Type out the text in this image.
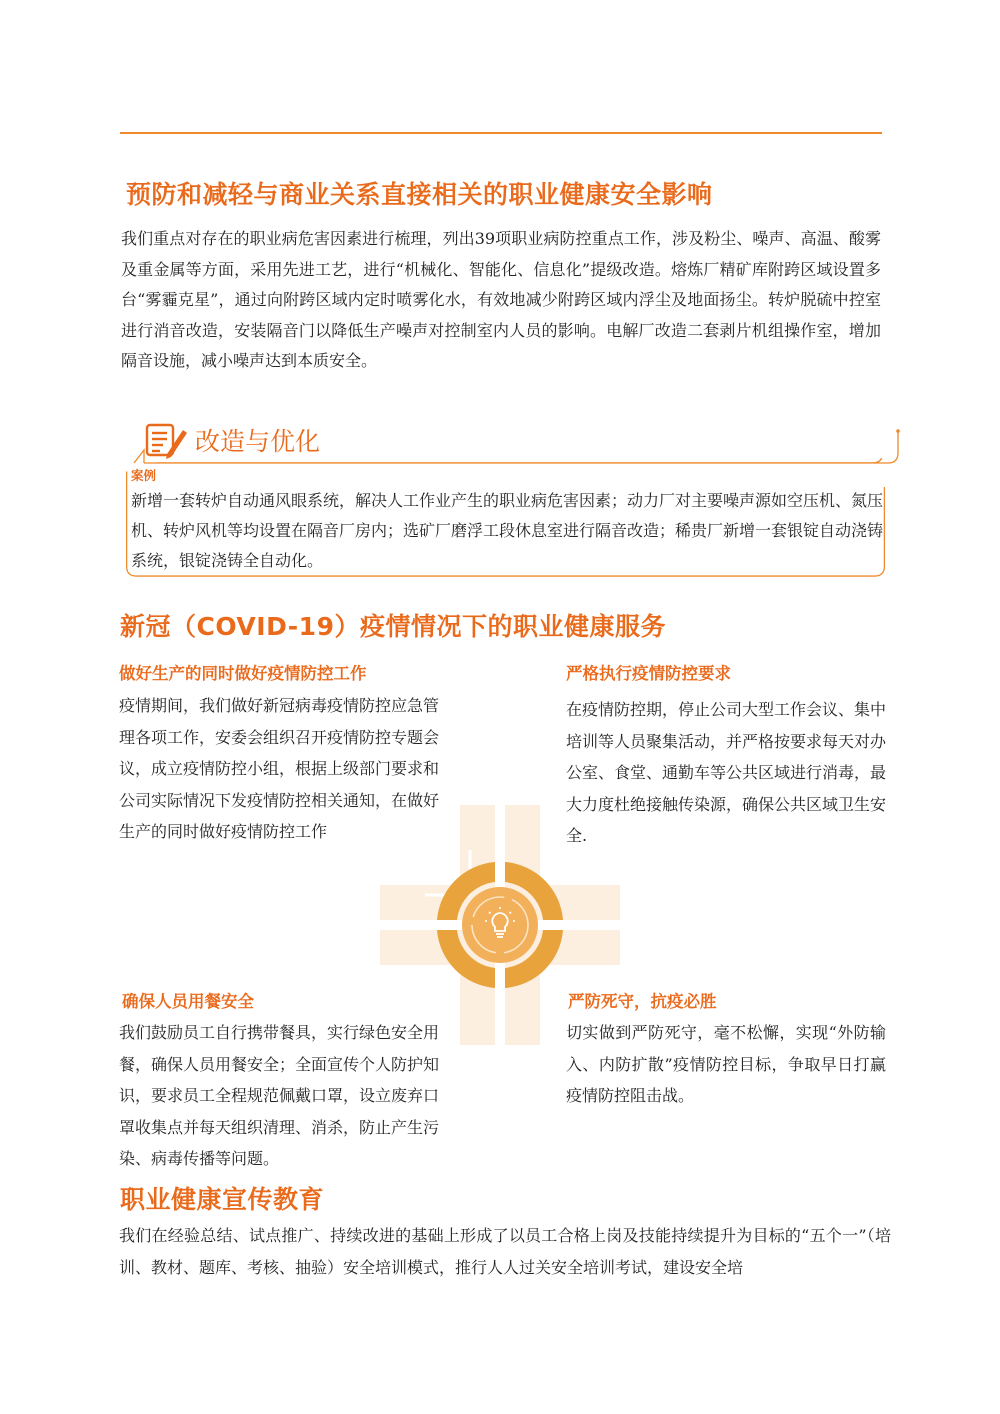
预防和减轻与商业关系直接相关的职业健康安全影响
我们重点对存在的职业病危害因素进行梳理，列出39项职业病防控重点工作，涉及粉尘、噪声、高温、酸雾及重金属等方面，采用先进工艺，进行“机械化、智能化、信息化”提级改造。熔炼厂精矿库附跨区域设置多台“雾霾克星”，通过向附跨区域内定时喷雾化水，有效地减少附跨区域内浮尘及地面扬尘。转炉脱硫中控室进行消音改造，安装隔音门以降低生产噪声对控制室内人员的影响。电解厂改造二套剥片机组操作室，增加隔音设施，减小噪声达到本质安全。
改造与优化
案例
新增一套转炉自动通风眼系统，解决人工作业产生的职业病危害因素；动力厂对主要噪声源如空压机、氮压机、转炉风机等均设置在隔音厂房内；选矿厂磨浮工段休息室进行隔音改造；稀贵厂新增一套银锭自动浇铸系统，银锭浇铸全自动化。
新冠（COVID-19）疫情情况下的职业健康服务
做好生产的同时做好疫情防控工作
疫情期间，我们做好新冠病毒疫情防控应急管理各项工作，安委会组织召开疫情防控专题会议，成立疫情防控小组，根据上级部门要求和公司实际情况下发疫情防控相关通知，在做好生产的同时做好疫情防控工作
严格执行疫情防控要求
在疫情防控期，停止公司大型工作会议、集中培训等人员聚集活动，并严格按要求每天对办公室、食堂、通勤车等公共区域进行消毒，最大力度杜绝接触传染源，确保公共区域卫生安全.
确保人员用餐安全
我们鼓励员工自行携带餐具，实行绿色安全用餐，确保人员用餐安全；全面宣传个人防护知识，要求员工全程规范佩戴口罩，设立废弃口罩收集点并每天组织清理、消杀，防止产生污染、病毒传播等问题。
严防死守，抗疫必胜
切实做到严防死守，毫不松懈，实现“外防输入、内防扩散”疫情防控目标，争取早日打赢疫情防控阻击战。
职业健康宣传教育
我们在经验总结、试点推广、持续改进的基础上形成了以员工合格上岗及技能持续提升为目标的“五个一”（培训、教材、题库、考核、抽验）安全培训模式，推行人人过关安全培训考试，建设安全培
